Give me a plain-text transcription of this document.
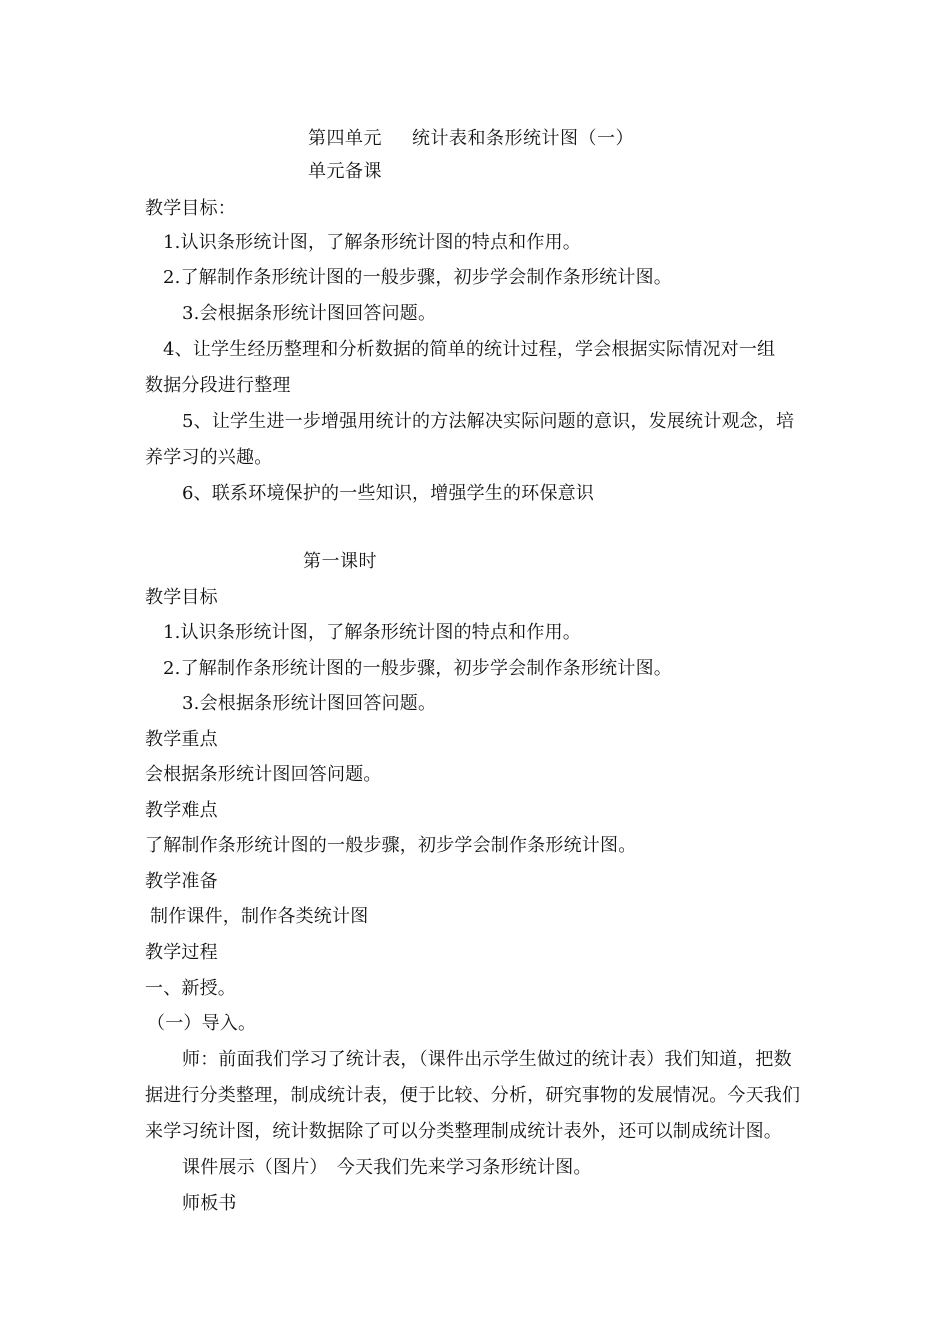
第四单元 统计表和条形统计图（一）

单元备课

教学目标：

1.认识条形统计图，了解条形统计图的特点和作用。

2.了解制作条形统计图的一般步骤，初步学会制作条形统计图。

3.会根据条形统计图回答问题。

4、让学生经历整理和分析数据的简单的统计过程，学会根据实际情况对一组

数据分段进行整理

5、让学生进一步增强用统计的方法解决实际问题的意识，发展统计观念，培

养学习的兴趣。

6、联系环境保护的一些知识，增强学生的环保意识

第一课时

教学目标

1.认识条形统计图，了解条形统计图的特点和作用。

2.了解制作条形统计图的一般步骤，初步学会制作条形统计图。

3.会根据条形统计图回答问题。

教学重点

会根据条形统计图回答问题。

教学难点

了解制作条形统计图的一般步骤，初步学会制作条形统计图。

教学准备

制作课件，制作各类统计图

教学过程

一、新授。

（一）导入。

师：前面我们学习了统计表，（课件出示学生做过的统计表）我们知道，把数

据进行分类整理，制成统计表，便于比较、分析，研究事物的发展情况。今天我们

来学习统计图，统计数据除了可以分类整理制成统计表外，还可以制成统计图。

课件展示（图片）　今天我们先来学习条形统计图。

师板书
